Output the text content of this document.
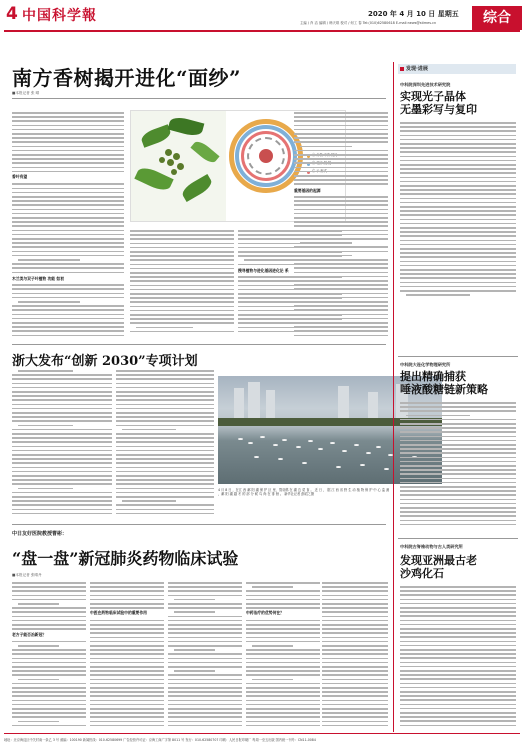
4 中国科学報	2020 年 4 月 10 日 星期五
主编 / 肖 洁 编辑 / 韩天琪 校对 / 何工 春 Tel:(010)62580618 E-mail:news@stimes.cn	综合
南方香树揭开进化“面纱”
■本报记者 张 晴
香叶有望
木兰类与双子叶植物 功能 如初
搜寻植物与进化基因进化论 系
重要基因的起源
浙大发布“创新 2030”专项计划
4 月 8 日 ，在江 西 鄱 阳 湖 保 护 区 里，蓑羽鹤 在 湖 边 觅 食 。 近 日 ， 据 江 西 省 野 生 动 植 物 保 护 中 心 监 测 ，鄱 阳 湖 越 冬 的 部 分 候 鸟 尚 在 徘 徊 。 新华社记者 彭昭之摄
中日友好医院教授曹彬：
“盘一盘”新冠肺炎药物临床试验
■本报记者 张晴丹
老方子能否治新冠？
中医在药物临床试验中的重要作用	中药治疗的优势何在？
发现·进展
中科院深圳先进技术研究院
实现光子晶体
无墨彩写与复印
中科院大连化学物理研究所
提出精确捕获
唾液酸糖链新策略
中科院古脊椎动物与古人类研究所
发现亚洲最古老
沙鸡化石
地址：北京海淀区中关村南一条乙 3 号 邮编：100190 新闻热线：010-62580699 广告经营许可证：京海工商广字第 8011 号 发行：010-62580707 印刷：人民日报印刷厂 每周一至五出版 国内统一刊号：CN11-0084
